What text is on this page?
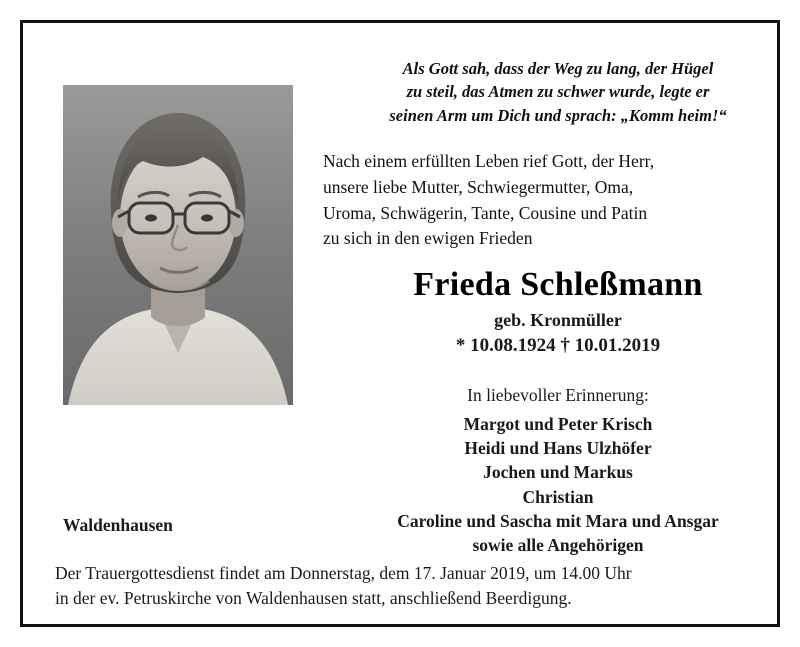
Als Gott sah, dass der Weg zu lang, der Hügel
zu steil, das Atmen zu schwer wurde, legte er
seinen Arm um Dich und sprach: „Komm heim!“
Nach einem erfüllten Leben rief Gott, der Herr,
unsere liebe Mutter, Schwiegermutter, Oma,
Uroma, Schwägerin, Tante, Cousine und Patin
zu sich in den ewigen Frieden
Frieda Schleßmann
geb. Kronmüller
* 10.08.1924 † 10.01.2019
In liebevoller Erinnerung:
Margot und Peter Krisch
Heidi und Hans Ulzhöfer
Jochen und Markus
Christian
Caroline und Sascha mit Mara und Ansgar
sowie alle Angehörigen
Waldenhausen
Der Trauergottesdienst findet am Donnerstag, dem 17. Januar 2019, um 14.00 Uhr
in der ev. Petruskirche von Waldenhausen statt, anschließend Beerdigung.
